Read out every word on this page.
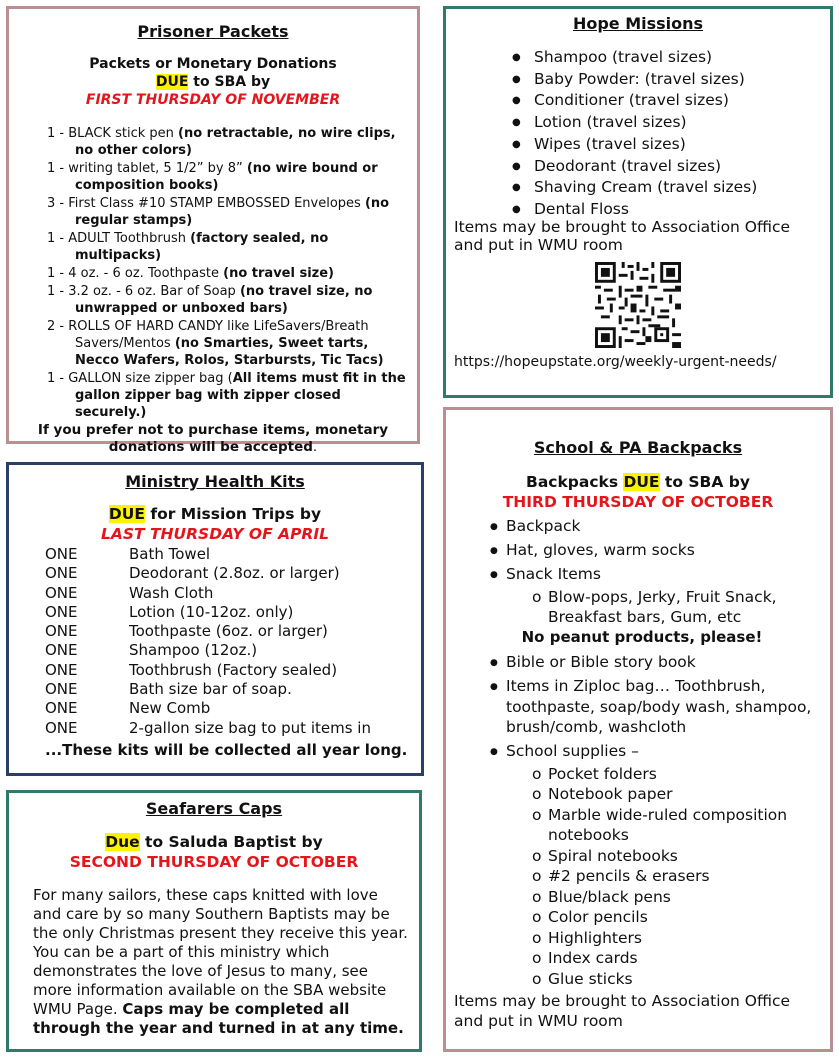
Prisoner Packets
Packets or Monetary Donations
DUE to SBA by
FIRST THURSDAY OF NOVEMBER
1 - BLACK stick pen (no retractable, no wire clips, no other colors)
1 - writing tablet, 5 1/2” by 8” (no wire bound or composition books)
3 - First Class #10 STAMP EMBOSSED Envelopes (no regular stamps)
1 - ADULT Toothbrush (factory sealed, no multipacks)
1 - 4 oz. - 6 oz. Toothpaste (no travel size)
1 - 3.2 oz. - 6 oz. Bar of Soap (no travel size, no unwrapped or unboxed bars)
2 - ROLLS OF HARD CANDY like LifeSavers/Breath Savers/Mentos (no Smarties, Sweet tarts, Necco Wafers, Rolos, Starbursts, Tic Tacs)
1 - GALLON size zipper bag (All items must fit in the gallon zipper bag with zipper closed securely.)
If you prefer not to purchase items, monetary donations will be accepted.
Hope Missions
● Shampoo (travel sizes)
● Baby Powder: (travel sizes)
● Conditioner (travel sizes)
● Lotion (travel sizes)
● Wipes (travel sizes)
● Deodorant (travel sizes)
● Shaving Cream (travel sizes)
● Dental Floss
Items may be brought to Association Office and put in WMU room
https://hopeupstate.org/weekly-urgent-needs/
Ministry Health Kits
DUE for Mission Trips by
LAST THURSDAY OF APRIL
ONE	Bath Towel
ONE	Deodorant (2.8oz. or larger)
ONE	Wash Cloth
ONE	Lotion (10-12oz. only)
ONE	Toothpaste (6oz. or larger)
ONE	Shampoo (12oz.)
ONE	Toothbrush (Factory sealed)
ONE	Bath size bar of soap.
ONE	New Comb
ONE	2-gallon size bag to put items in
...These kits will be collected all year long.
Seafarers Caps
Due to Saluda Baptist by
SECOND THURSDAY OF OCTOBER
For many sailors, these caps knitted with love and care by so many Southern Baptists may be the only Christmas present they receive this year. You can be a part of this ministry which demonstrates the love of Jesus to many, see more information available on the SBA website WMU Page. Caps may be completed all through the year and turned in at any time.
School & PA Backpacks
Backpacks DUE to SBA by
THIRD THURSDAY OF OCTOBER
● Backpack
● Hat, gloves, warm socks
● Snack Items
o Blow-pops, Jerky, Fruit Snack, Breakfast bars, Gum, etc
No peanut products, please!
● Bible or Bible story book
● Items in Ziploc bag… Toothbrush, toothpaste, soap/body wash, shampoo, brush/comb, washcloth
● School supplies –
o Pocket folders
o Notebook paper
o Marble wide-ruled composition notebooks
o Spiral notebooks
o #2 pencils & erasers
o Blue/black pens
o Color pencils
o Highlighters
o Index cards
o Glue sticks
Items may be brought to Association Office and put in WMU room
